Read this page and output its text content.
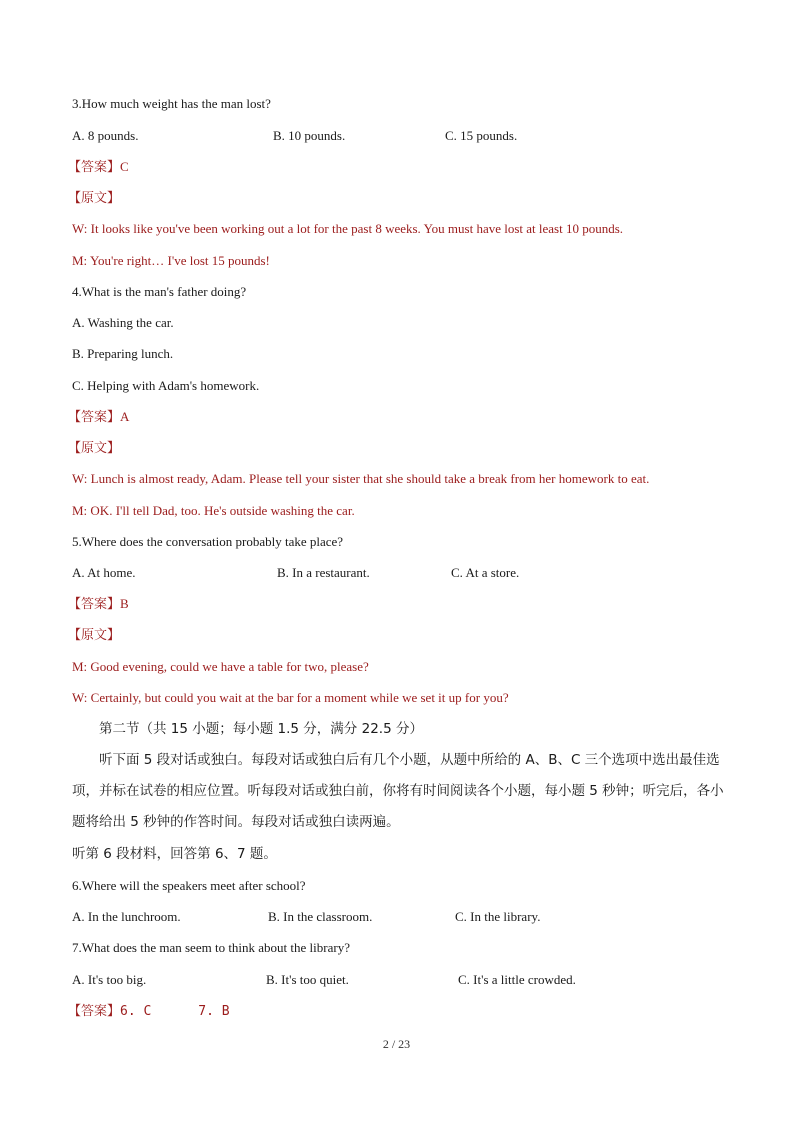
3.How much weight has the man lost?
A. 8 pounds.	B. 10 pounds.	C. 15 pounds.
【答案】C
【原文】
W: It looks like you've been working out a lot for the past 8 weeks. You must have lost at least 10 pounds.
M: You're right… I've lost 15 pounds!
4.What is the man's father doing?
A. Washing the car.
B. Preparing lunch.
C. Helping with Adam's homework.
【答案】A
【原文】
W: Lunch is almost ready, Adam. Please tell your sister that she should take a break from her homework to eat.
M: OK. I'll tell Dad, too. He's outside washing the car.
5.Where does the conversation probably take place?
A. At home.	B. In a restaurant.	C. At a store.
【答案】B
【原文】
M: Good evening, could we have a table for two, please?
W: Certainly, but could you wait at the bar for a moment while we set it up for you?
第二节（共 15 小题；每小题 1.5 分，满分 22.5 分）
听下面 5 段对话或独白。每段对话或独白后有几个小题，从题中所给的 A、B、C 三个选项中选出最佳选项，并标在试卷的相应位置。听每段对话或独白前，你将有时间阅读各个小题，每小题 5 秒钟；听完后，各小题将给出 5 秒钟的作答时间。每段对话或独白读两遍。
听第 6 段材料，回答第 6、7 题。
6.Where will the speakers meet after school?
A. In the lunchroom.	B. In the classroom.	C. In the library.
7.What does the man seem to think about the library?
A. It's too big.	B. It's too quiet.	C. It's a little crowded.
【答案】6. C      7. B
2 / 23
